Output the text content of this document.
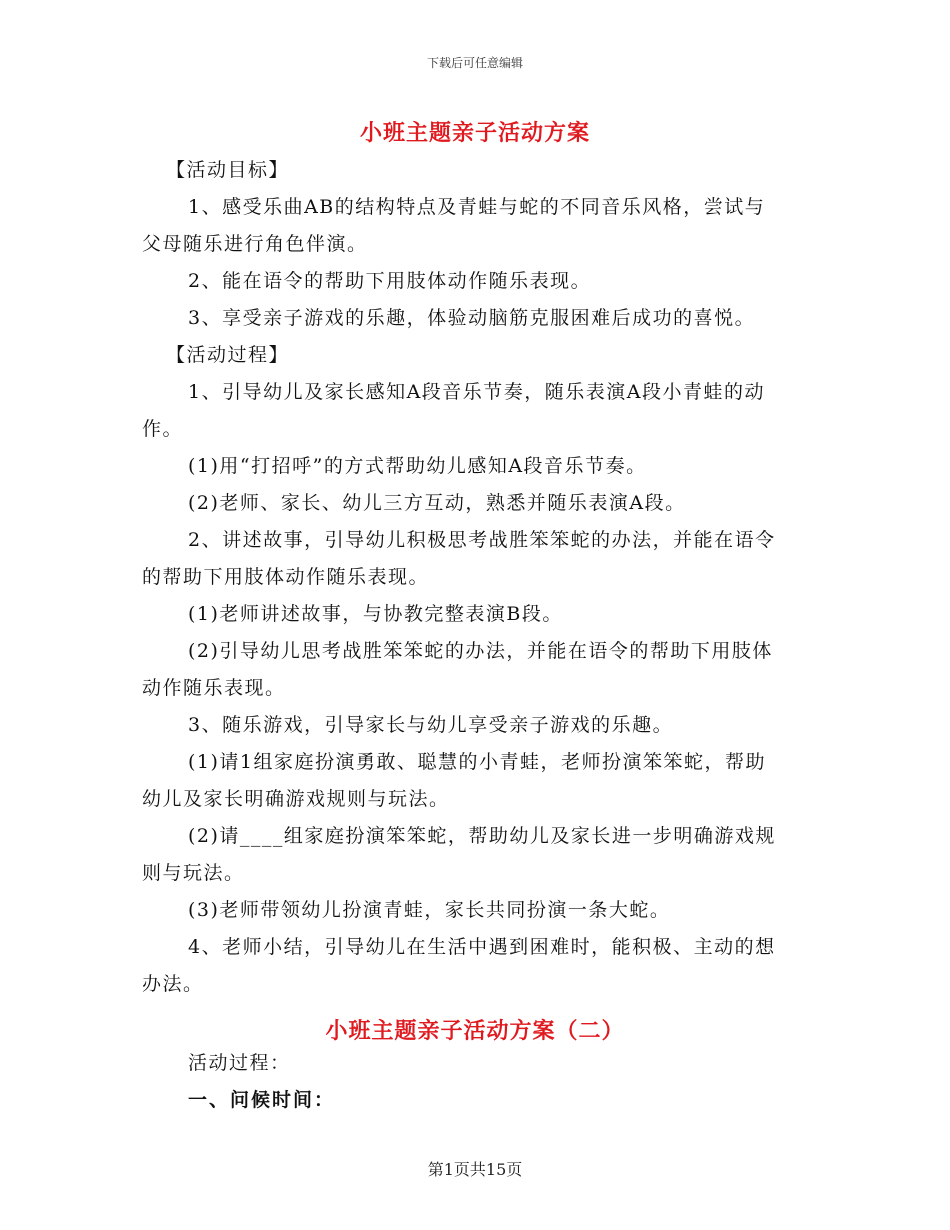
下载后可任意编辑
小班主题亲子活动方案
【活动目标】
1、感受乐曲AB的结构特点及青蛙与蛇的不同音乐风格，尝试与
父母随乐进行角色伴演。
2、能在语令的帮助下用肢体动作随乐表现。
3、享受亲子游戏的乐趣，体验动脑筋克服困难后成功的喜悦。
【活动过程】
1、引导幼儿及家长感知A段音乐节奏，随乐表演A段小青蛙的动
作。
(1)用“打招呼”的方式帮助幼儿感知A段音乐节奏。
(2)老师、家长、幼儿三方互动，熟悉并随乐表演A段。
2、讲述故事，引导幼儿积极思考战胜笨笨蛇的办法，并能在语令
的帮助下用肢体动作随乐表现。
(1)老师讲述故事，与协教完整表演B段。
(2)引导幼儿思考战胜笨笨蛇的办法，并能在语令的帮助下用肢体
动作随乐表现。
3、随乐游戏，引导家长与幼儿享受亲子游戏的乐趣。
(1)请1组家庭扮演勇敢、聪慧的小青蛙，老师扮演笨笨蛇，帮助
幼儿及家长明确游戏规则与玩法。
(2)请____组家庭扮演笨笨蛇，帮助幼儿及家长进一步明确游戏规
则与玩法。
(3)老师带领幼儿扮演青蛙，家长共同扮演一条大蛇。
4、老师小结，引导幼儿在生活中遇到困难时，能积极、主动的想
办法。
小班主题亲子活动方案（二）
活动过程：
一、问候时间：
第1页共15页
